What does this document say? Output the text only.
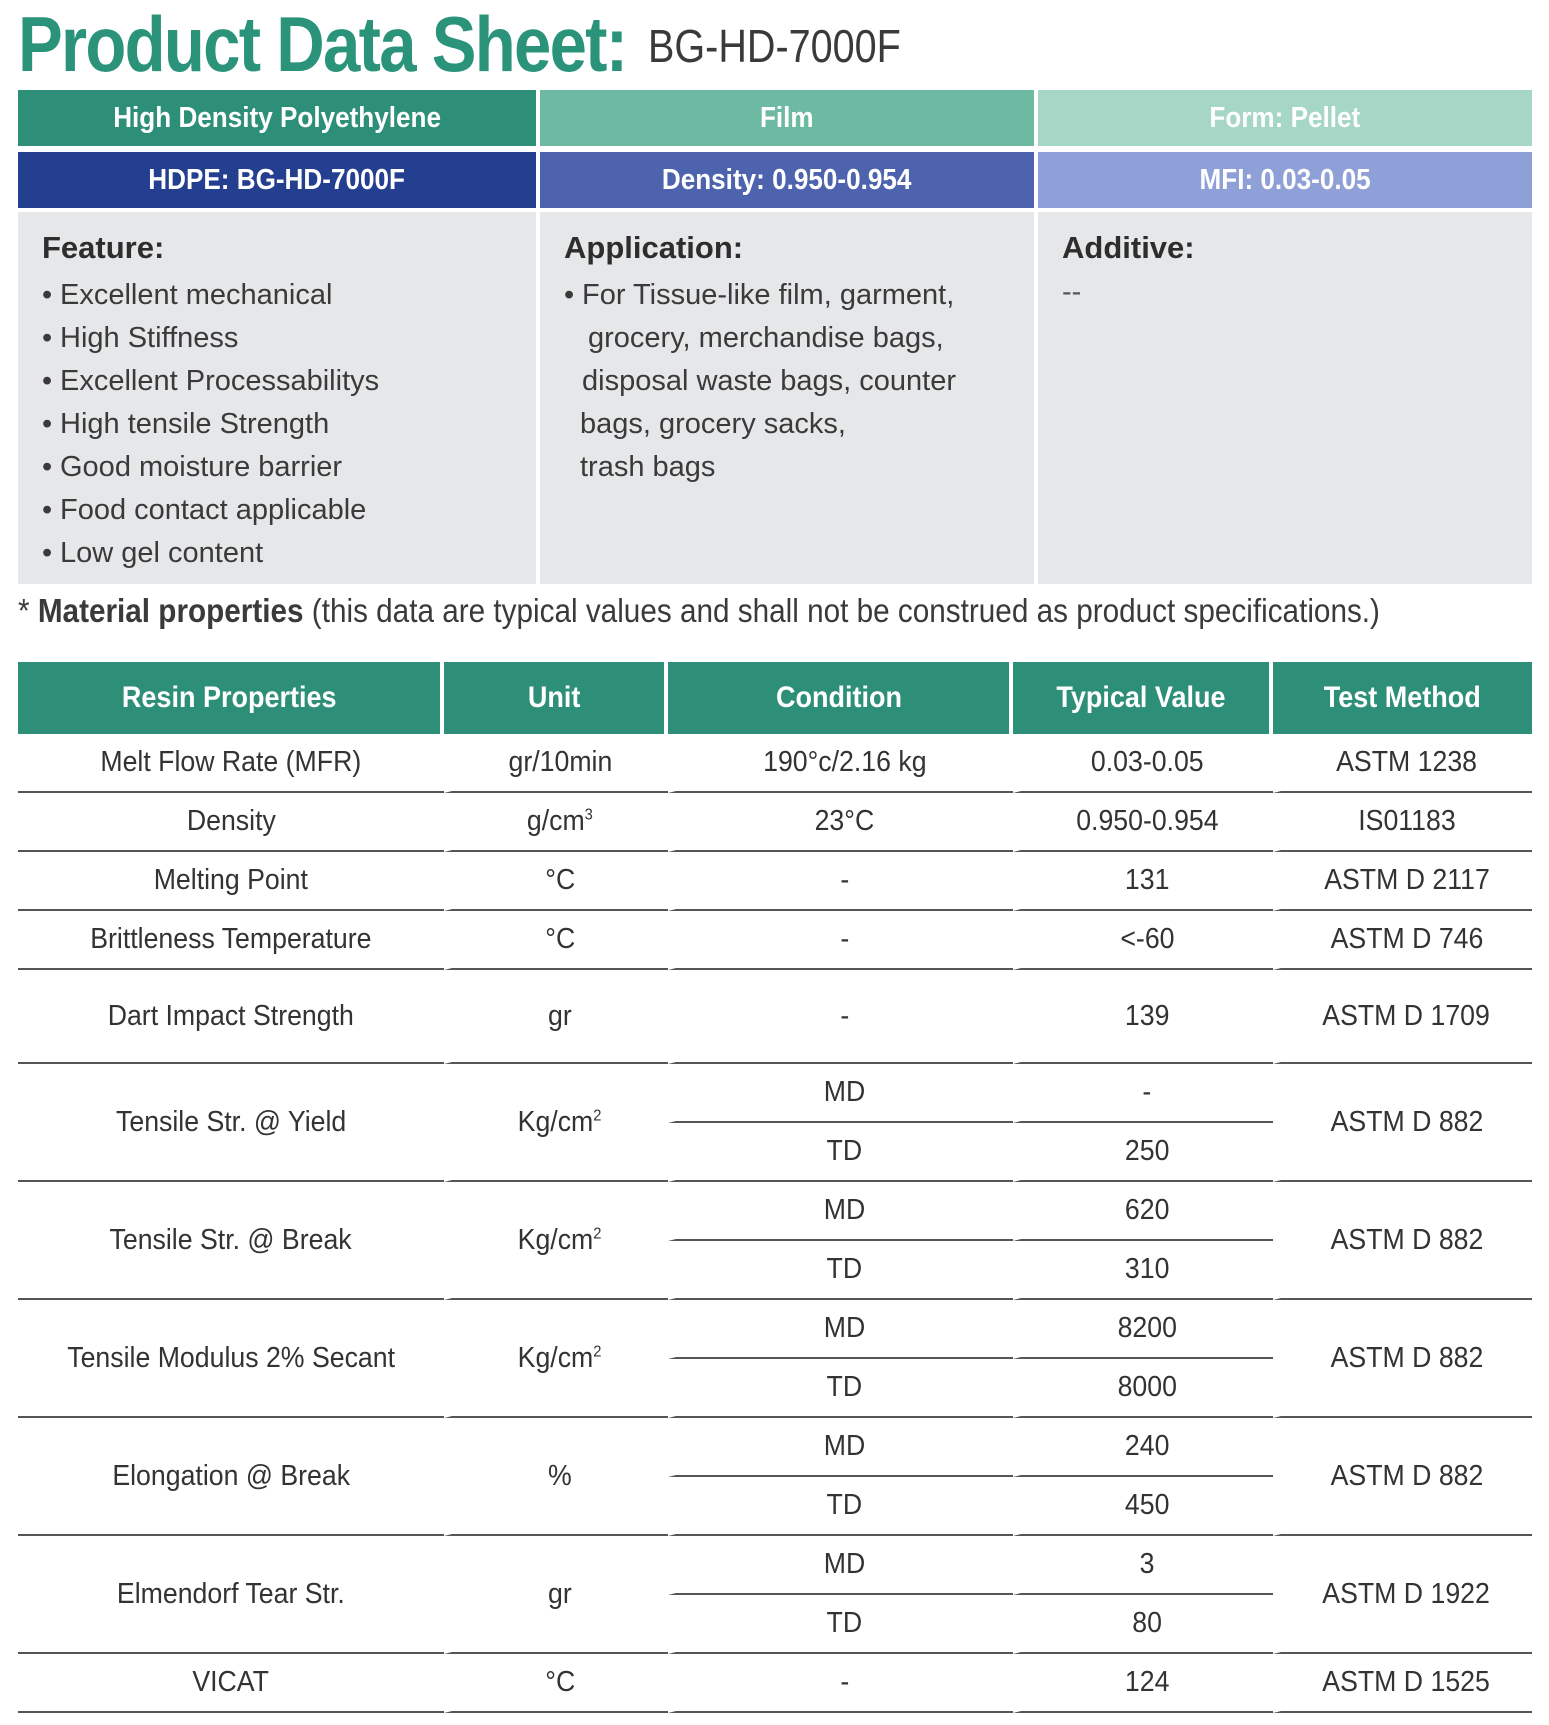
Product Data Sheet: BG-HD-7000F
High Density Polyethylene	Film	Form: Pellet
HDPE: BG-HD-7000F	Density: 0.950-0.954	MFI: 0.03-0.05
Feature:
• Excellent mechanical
• High Stiffness
• Excellent Processabilitys
• High tensile Strength
• Good moisture barrier
• Food contact applicable
• Low gel content
Application:
• For Tissue-like film, garment,
grocery, merchandise bags,
disposal waste bags, counter
bags, grocery sacks,
trash bags
Additive:
--
* Material properties (this data are typical values and shall not be construed as product specifications.)
Resin Properties	Unit	Condition	Typical Value	Test Method
Melt Flow Rate (MFR)	gr/10min	190°c/2.16 kg	0.03-0.05	ASTM 1238
Density	$g/cm^3$	23°C	0.950-0.954	IS01183
Melting Point	°C	-	131	ASTM D 2117
Brittleness Temperature	°C	-	<-60	ASTM D 746
Dart Impact Strength	gr	-	139	ASTM D 1709
Tensile Str. @ Yield	$Kg/cm^2$	MD	-	ASTM D 882
		TD	250	
Tensile Str. @ Break	$Kg/cm^2$	MD	620	ASTM D 882
		TD	310	
Tensile Modulus 2% Secant	$Kg/cm^2$	MD	8200	ASTM D 882
		TD	8000	
Elongation @ Break	%	MD	240	ASTM D 882
		TD	450	
Elmendorf Tear Str.	gr	MD	3	ASTM D 1922
		TD	80	
VICAT	°C	-	124	ASTM D 1525
